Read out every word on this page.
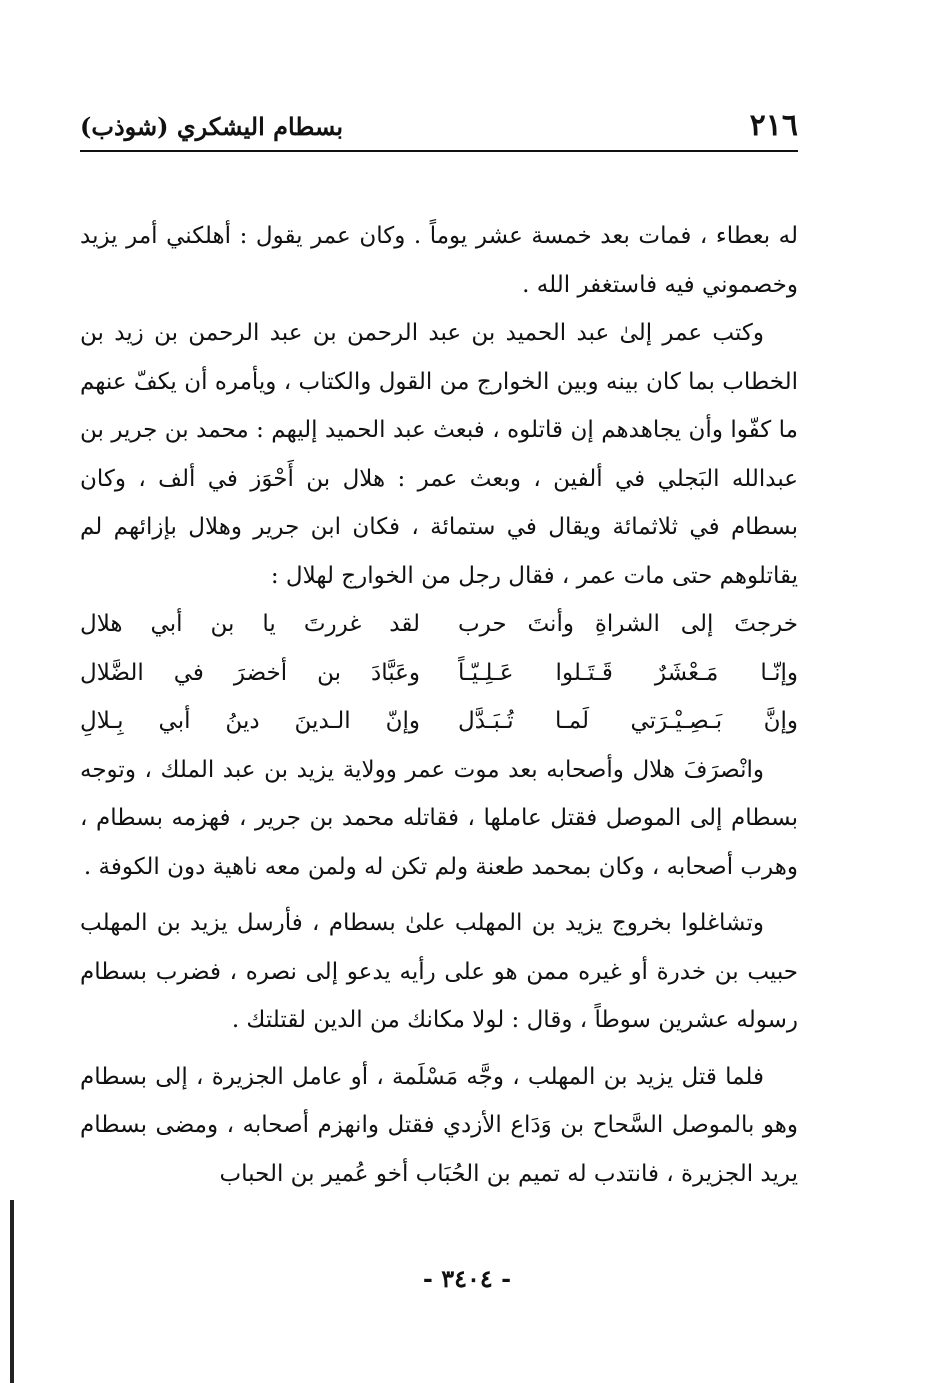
٢١٦
بسطام اليشكري (شوذب)

له بعطاء ، فمات بعد خمسة عشر يوماً . وكان عمر يقول : أهلكني أمر يزيد وخصموني فيه فاستغفر الله .

وكتب عمر إلىٰ عبد الحميد بن عبد الرحمن بن عبد الرحمن بن زيد بن الخطاب بما كان بينه وبين الخوارج من القول والكتاب ، ويأمره أن يكفّ عنهم ما كفّوا وأن يجاهدهم إن قاتلوه ، فبعث عبد الحميد إليهم : محمد بن جرير بن عبدالله البَجلي في ألفين ، وبعث عمر : هلال بن أَحْوَز في ألف ، وكان بسطام في ثلاثمائة ويقال في ستمائة ، فكان ابن جرير وهلال بإزائهم لم يقاتلوهم حتى مات عمر ، فقال رجل من الخوارج لهلال :

خرجتَ إلى الشراةِ وأنتَ حرب
لقد غررتَ يا بن أبي هلال
وإنّـا مَـعْشَرٌ قَـتَـلوا عَـلِـيّـاً
وعَبَّادَ بن أخضرَ في الضَّلال
وإنَّ بَـصِـيْـرَتي لَمـا تُـبَـدَّل
وإنّ الـدينَ دينُ أبي بِـلالِ

وانْصرَفَ هلال وأصحابه بعد موت عمر وولاية يزيد بن عبد الملك ، وتوجه بسطام إلى الموصل فقتل عاملها ، فقاتله محمد بن جرير ، فهزمه بسطام ، وهرب أصحابه ، وكان بمحمد طعنة ولم تكن له ولمن معه ناهية دون الكوفة .

وتشاغلوا بخروج يزيد بن المهلب علىٰ بسطام ، فأرسل يزيد بن المهلب حبيب بن خدرة أو غيره ممن هو على رأيه يدعو إلى نصره ، فضرب بسطام رسوله عشرين سوطاً ، وقال : لولا مكانك من الدين لقتلتك .

فلما قتل يزيد بن المهلب ، وجَّه مَسْلَمة ، أو عامل الجزيرة ، إلى بسطام وهو بالموصل السَّحاح بن وَدَاع الأزدي فقتل وانهزم أصحابه ، ومضى بسطام يريد الجزيرة ، فانتدب له تميم بن الحُبَاب أخو عُمير بن الحباب

- ٣٤٠٤ -
